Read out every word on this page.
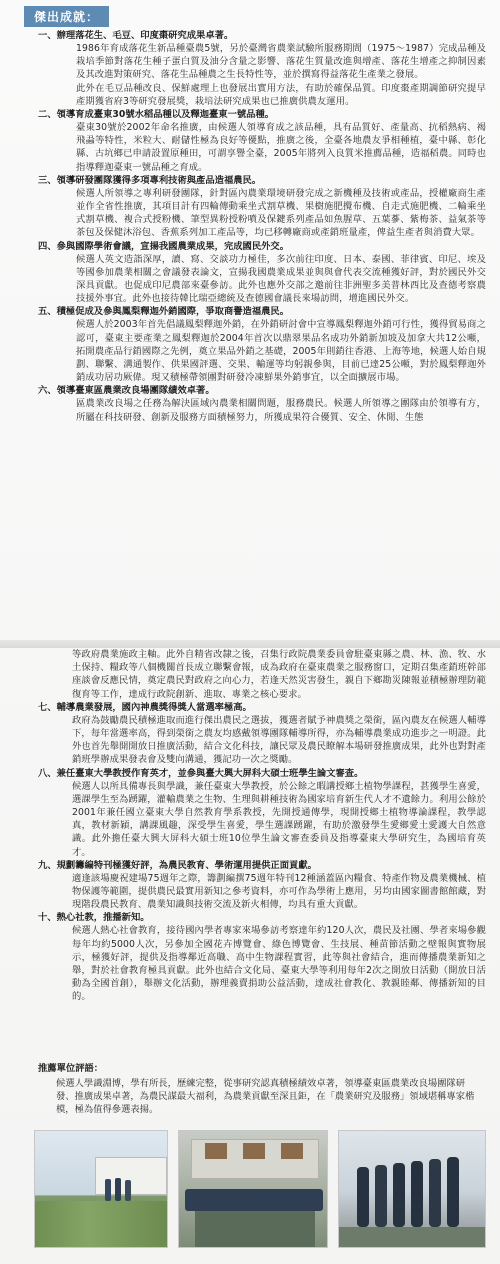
傑出成就：

一、辦理落花生、毛豆、印度棗研究成果卓著。

1986年育成落花生新品種臺農5號，另於臺灣省農業試驗所服務期間（1975～1987）完成品種及栽培季節對落花生種子蛋白質及油分含量之影響、落花生質量改進與增產、落花生增產之抑制因素及其改進對策研究、落花生品種農之生長特性等，並於撰寫得益落花生產業之發展。

此外在毛豆品種改良、保鮮處理上也發展出實用方法，有助於確保品質。印度棗產期調節研究提早產期獲省府3等研究發展獎，栽培法研究成果也已推廣供農友運用。

二、領導育成臺東30號水稻品種以及釋迦臺東一號品種。

臺東30號於2002年命名推廣，由候選人領導育成之該品種，具有品質好、產量高、抗稻熱病、褐飛蝨等特性，米粒大、耐儲性極為良好等優點，推廣之後，全臺各地農友爭相種植，臺中縣、彰化縣、古坑鄉已申請設置原種田，可謂享譽全臺，2005年將列入良質米推薦品種，造福稻農。同時也指導釋迦臺東一號品種之育成。

三、領導研發團隊獲得多項專利技術與產品造福農民。

候選人所領導之專利研發團隊，針對區內農業環境研發完成之新機種及技術或產品，授權廠商生產並作全省性推廣，其項目計有四輪傳動乘坐式割草機、果樹施肥攪布機、自走式施肥機、二輪乘坐式割草機、複合式授粉機、筆型異粉授粉噴及保鍵系列產品如魚腥草、五葉蔘、紫梅茶、益氣茶等茶包及保健沐浴包、香蕉系列加工產品等，均已移轉廠商或產銷班量產，俾益生產者與消費大眾。

四、參與國際學術會議，宣揚我國農業成果，完成國民外交。

候選人英文造詣深厚，讀、寫、交談功力極佳，多次前往印度、日本、泰國、菲律賓、印尼、埃及等國參加農業相關之會議發表論文，宣揚我國農業成果並與與會代表交流種獲好評，對於國民外交深具貢獻。也促成印尼農部來臺參訪。此外也應外交部之邀前往非洲聖多美普林西比及查德考察農技援外事宜。此外也接待韓比瑞亞總統及查德國會議長來場訪問，增進國民外交。

五、積極促成及參與鳳梨釋迦外銷國際，爭取商譽造福農民。

候選人於2003年首先倡議鳳梨釋迦外銷，在外銷研討會中宣導鳳梨釋迦外銷可行性，獲得貿易商之認可，臺東主要產業之鳳梨釋迦於2004年首次以鼎翠果品名成功外銷新加坡及加拿大共12公噸，拓開農產品行銷國際之先例，奠立果品外銷之基礎，2005年則銷往香港、上海等地，候選人始自規劃、聯繫、溝通製作、供果國評選、交果、輸運等均躬親參與，目前已達25公噸，對於鳳梨釋迦外銷成功居功厥偉。現又積極帶領團對研發冷凍鮮果外銷事宜，以全面擴展市場。

六、領導臺東區農業改良場團隊績效卓著。

區農業改良場之任務為解決區域內農業相關問題，服務農民。候選人所領導之團隊由於領導有方，所屬在科技研發、創新及服務方面積極努力，所獲成果符合優質、安全、休閒、生態

等政府農業施政主軸。此外自精省改隸之後，召集行政院農業委員會駐臺東縣之農、林、漁、牧、水土保持、糧政等八個機關首長成立聯繫會報，成為政府在臺東農業之服務窗口，定期召集產銷班幹部座談會反應民情，奠定農民對政府之向心力，若逢天然災害發生，親自下鄉勘災陳報並積極辦理防範復育等工作，達成行政院創新、進取、專業之核心要求。

七、輔導農業發展，國內神農獎得獎人當選率極高。

政府為鼓勵農民積極進取而進行傑出農民之選拔，獲選者賦予神農獎之榮銜，區內農友在候選人輔導下，每年當選率高，得到榮銜之農友均感戴領導團隊輔導所得，亦為輔導農業成功進步之一明證。此外也首先舉開開放日推廣活動，結合文化科技，讓民眾及農民瞭解本場研發推廣成果，此外也對對產銷班學辦成果發表會及雙向溝通，獲記功一次之獎勵。

八、兼任臺東大學教授作育英才，並參與臺大興大屏科大碩士班學生論文審查。

候選人以所具備專長與學識，兼任臺東大學教授，於公餘之暇講授鄉土植物學課程，甚獲學生喜愛，選課學生至為踴躍，灌輸農業之生物、生理與耕種技術為國家培育新生代人才不遺餘力。利用公餘於2001年兼任國立臺東大學自然教育學系教授，先開授通傳學，現開授鄉土植物導論課程，教學認真，教材新穎，講課風趣，深受學生喜愛，學生選課踴躍，有助於激發學生愛鄉愛土愛護大自然意識。此外擔任臺大興大屏科大碩士班10位學生論文審查委員及指導臺東大學研究生，為國培育英才。

九、規劃籌編特刊極獲好評，為農民教育、學術運用提供正面貢獻。

適逢該場慶祝建場75週年之際，籌劃編撰75週年特刊12種涵蓋區內糧食、特產作物及農業機械、植物保護等範圍，提供農民最實用新知之參考資料，亦可作為學術上應用，另均由國家圖書館館藏，對現階段農民教育、農業知識與技術交流及新火相傳，均具有重大貢獻。

十、熱心社教，推播新知。

候選人熱心社會教育，接待國內學者專家來場參訪考察達年約120人次，農民及社團、學者來場參觀每年均約5000人次，另參加全國花卉博覽會、綠色博覽會、生技展、種苗節活動之壁報與實物展示，極獲好評，提供及指導鄰近高職、高中生物課程實習，此等與社會結合，進而傳播農業新知之舉，對於社會教育極具貢獻。此外也結合文化局、臺東大學等利用每年2次之開放日活動（開放日活動為全國首創），舉辦文化活動，辦理義賣捐助公益活動，達成社會教化、教親睦鄰、傳播新知的目的。

推薦單位評語：

候選人學識淵博，學有所長，歷練完整，從事研究認真積極績效卓著，領導臺東區農業改良場團隊研發、推廣成果卓著，為農民謀最大福利，為農業貢獻至深且鉅，在「農業研究及服務」領域堪稱專家楷模，極為值得參選表揚。
